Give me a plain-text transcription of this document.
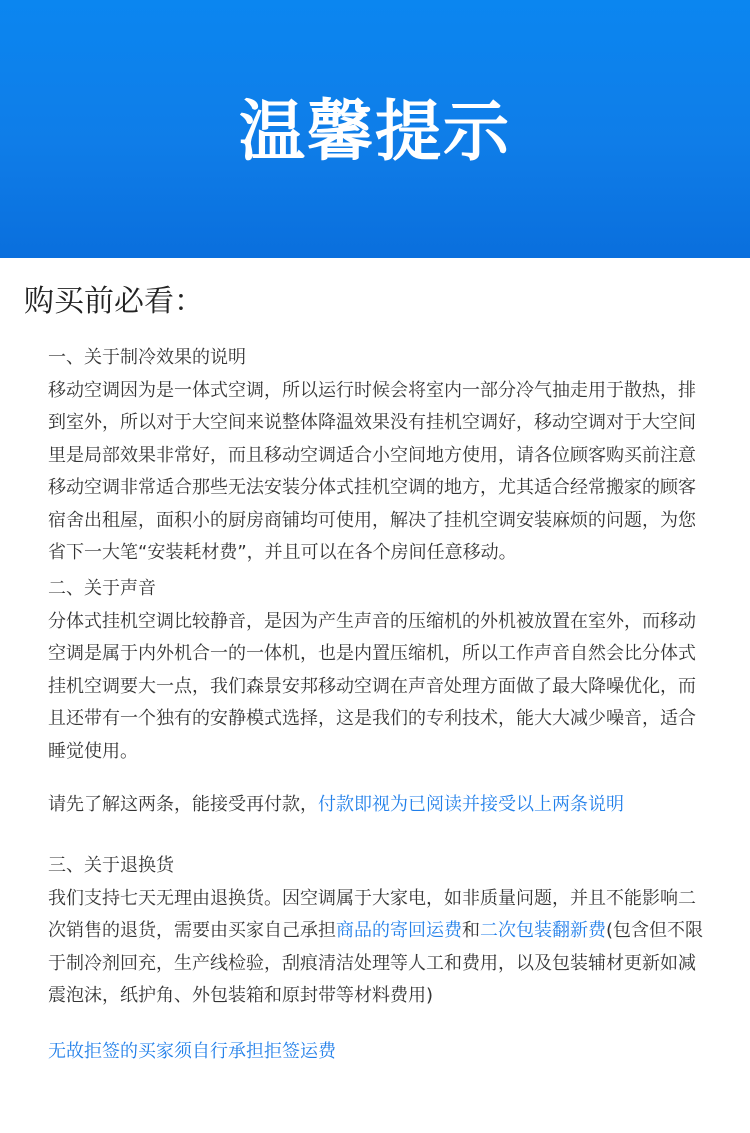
温馨提示
购买前必看：

一、关于制冷效果的说明

移动空调因为是一体式空调，所以运行时候会将室内一部分冷气抽走用于散热，排到室外，所以对于大空间来说整体降温效果没有挂机空调好，移动空调对于大空间里是局部效果非常好，而且移动空调适合小空间地方使用，请各位顾客购买前注意移动空调非常适合那些无法安装分体式挂机空调的地方，尤其适合经常搬家的顾客宿舍出租屋，面积小的厨房商铺均可使用，解决了挂机空调安装麻烦的问题，为您省下一大笔“安装耗材费”，并且可以在各个房间任意移动。

二、关于声音

分体式挂机空调比较静音，是因为产生声音的压缩机的外机被放置在室外，而移动空调是属于内外机合一的一体机，也是内置压缩机，所以工作声音自然会比分体式挂机空调要大一点，我们森景安邦移动空调在声音处理方面做了最大降噪优化，而且还带有一个独有的安静模式选择，这是我们的专利技术，能大大减少噪音，适合睡觉使用。

请先了解这两条，能接受再付款，付款即视为已阅读并接受以上两条说明

三、关于退换货

我们支持七天无理由退换货。因空调属于大家电，如非质量问题，并且不能影响二次销售的退货，需要由买家自己承担商品的寄回运费和二次包装翻新费(包含但不限于制冷剂回充，生产线检验，刮痕清洁处理等人工和费用，以及包装辅材更新如减震泡沫，纸护角、外包装箱和原封带等材料费用)

无故拒签的买家须自行承担拒签运费
